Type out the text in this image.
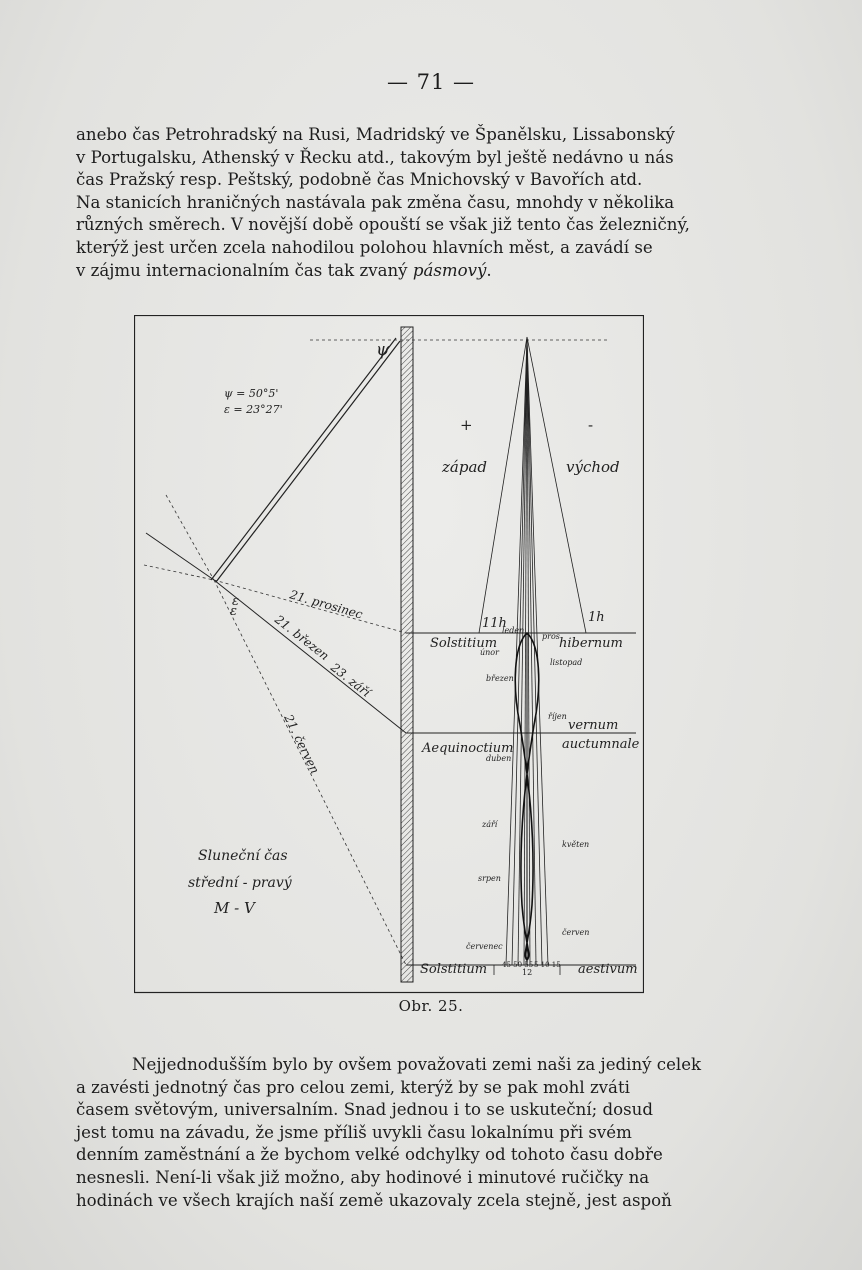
— 71 —

anebo čas Petrohradský na Rusi, Madridský ve Španělsku, Lissabonský

v Portugalsku, Athenský v Řecku atd., takovým byl ještě nedávno u nás

čas Pražský resp. Peštský, podobně čas Mnichovský v Bavořích atd.

Na stanicích hraničných nastávala pak změna času, mnohdy v několika

různých směrech. V novější době opouští se však již tento čas železničný,

kterýž jest určen zcela nahodilou polohou hlavních měst, a zavádí se

v zájmu internacionalním čas tak zvaný pásmový.

ψ
ψ = 50°5'
ε = 23°27'
+	-
západ	východ
11h	1h
ε
ε	21. prosinec
21. březen
23. září
21. červen
Solstitium	hibernum
Aequinoctium
vernum
auctumnale
Solstitium	aestivum
Sluneční čas
střední - pravý
M - V
leden
pros
únor
listopad
březen
říjen
duben
září
květen
srpen
červen
červenec
45 50 55
12
5 10 15
Obr. 25.

Nejjednodušším bylo by ovšem považovati zemi naši za jediný celek

a zavésti jednotný čas pro celou zemi, kterýž by se pak mohl zváti

časem světovým, universalním. Snad jednou i to se uskuteční; dosud

jest tomu na závadu, že jsme příliš uvykli času lokalnímu při svém

denním zaměstnání a že bychom velké odchylky od tohoto času dobře

nesnesli. Není-li však již možno, aby hodinové i minutové ručičky na

hodinách ve všech krajích naší země ukazovaly zcela stejně, jest aspoň
